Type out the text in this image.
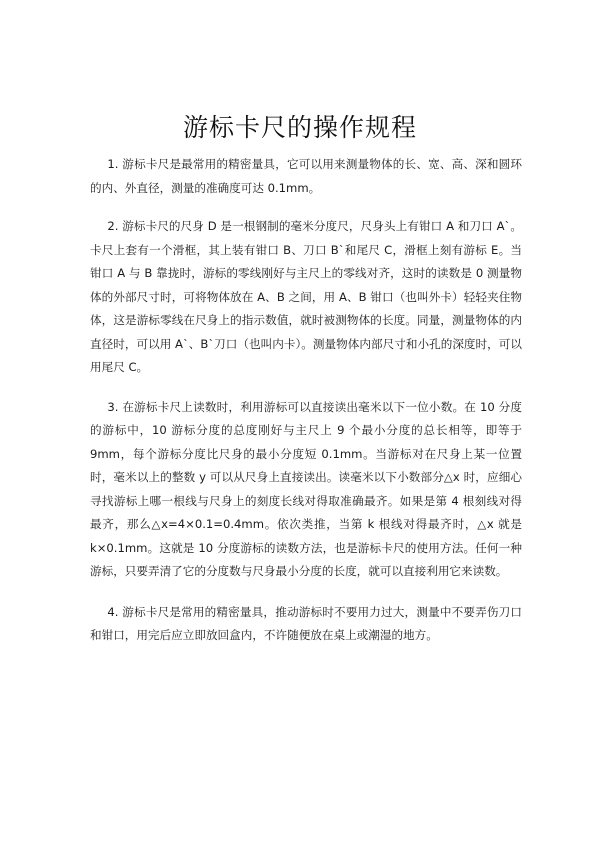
游标卡尺的操作规程

1. 游标卡尺是最常用的精密量具，它可以用来测量物体的长、宽、高、深和圆环的内、外直径，测量的准确度可达 0.1mm。

2. 游标卡尺的尺身 D 是一根钢制的毫米分度尺，尺身头上有钳口 A 和刀口 A`。卡尺上套有一个滑框，其上装有钳口 B、刀口 B`和尾尺 C，滑框上刻有游标 E。当钳口 A 与 B 靠拢时，游标的零线刚好与主尺上的零线对齐，这时的读数是 0 测量物体的外部尺寸时，可将物体放在 A、B 之间，用 A、B 钳口（也叫外卡）轻轻夹住物体，这是游标零线在尺身上的指示数值，就时被测物体的长度。同量，测量物体的内直径时，可以用 A`、B`刀口（也叫内卡）。测量物体内部尺寸和小孔的深度时，可以用尾尺 C。

3. 在游标卡尺上读数时，利用游标可以直接读出毫米以下一位小数。在 10 分度的游标中，10 游标分度的总度刚好与主尺上 9 个最小分度的总长相等，即等于 9mm，每个游标分度比尺身的最小分度短 0.1mm。当游标对在尺身上某一位置时，毫米以上的整数 y 可以从尺身上直接读出。读毫米以下小数部分△x 时，应细心寻找游标上哪一根线与尺身上的刻度长线对得取准确最齐。如果是第 4 根刻线对得最齐，那么△x=4×0.1=0.4mm。依次类推，当第 k 根线对得最齐时，△x 就是 k×0.1mm。这就是 10 分度游标的读数方法，也是游标卡尺的使用方法。任何一种游标，只要弄清了它的分度数与尺身最小分度的长度，就可以直接利用它来读数。

4. 游标卡尺是常用的精密量具，推动游标时不要用力过大，测量中不要弄伤刀口和钳口，用完后应立即放回盒内，不许随便放在桌上或潮湿的地方。
